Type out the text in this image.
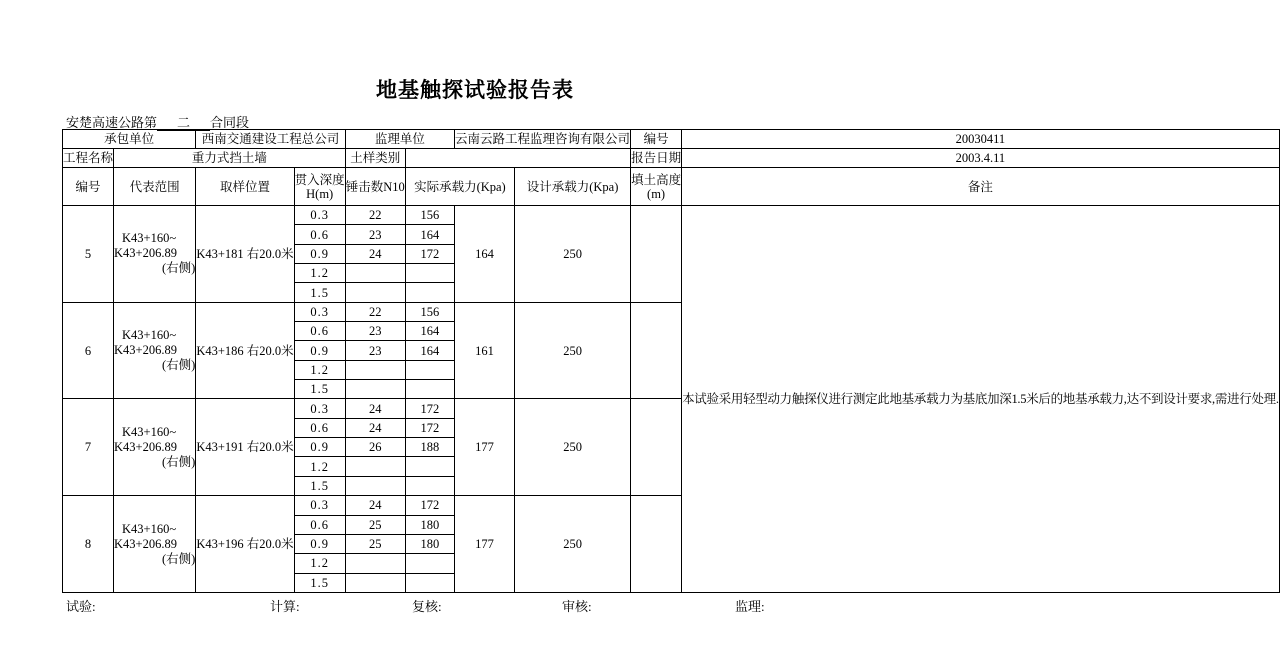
地基触探试验报告表
安楚高速公路第 二 合同段
承包单位		西南交通建设工程总公司		监理单位		云南云路工程监理咨询有限公司		编号	20030411
工程名称	重力式挡土墙			土样类别				报告日期	2003.4.11
编号	代表范围	取样位置	贯入深度
H(m)	锤击数N10	实际承载力(Kpa)		设计承载力(Kpa)	填土高度
(m)	备注
5	K43+160~
K43+206.89
(右侧)	K43+181 右20.0米	0.3	22	156	164	250		本试验采用轻型动力触探仪进行测定此地基承载力为基底加深1.5米后的地基承载力,达不到设计要求,需进行处理.
			0.6	23	164				
			0.9	24	172				
			1.2						
			1.5						
6	K43+160~
K43+206.89
(右侧)	K43+186 右20.0米	0.3	22	156	161	250		
			0.6	23	164				
			0.9	23	164				
			1.2						
			1.5						
7	K43+160~
K43+206.89
(右侧)	K43+191 右20.0米	0.3	24	172	177	250		
			0.6	24	172				
			0.9	26	188				
			1.2						
			1.5						
8	K43+160~
K43+206.89
(右侧)	K43+196 右20.0米	0.3	24	172	177	250		
			0.6	25	180				
			0.9	25	180				
			1.2						
			1.5						
试验:	计算:	复核:	审核:	监理:
